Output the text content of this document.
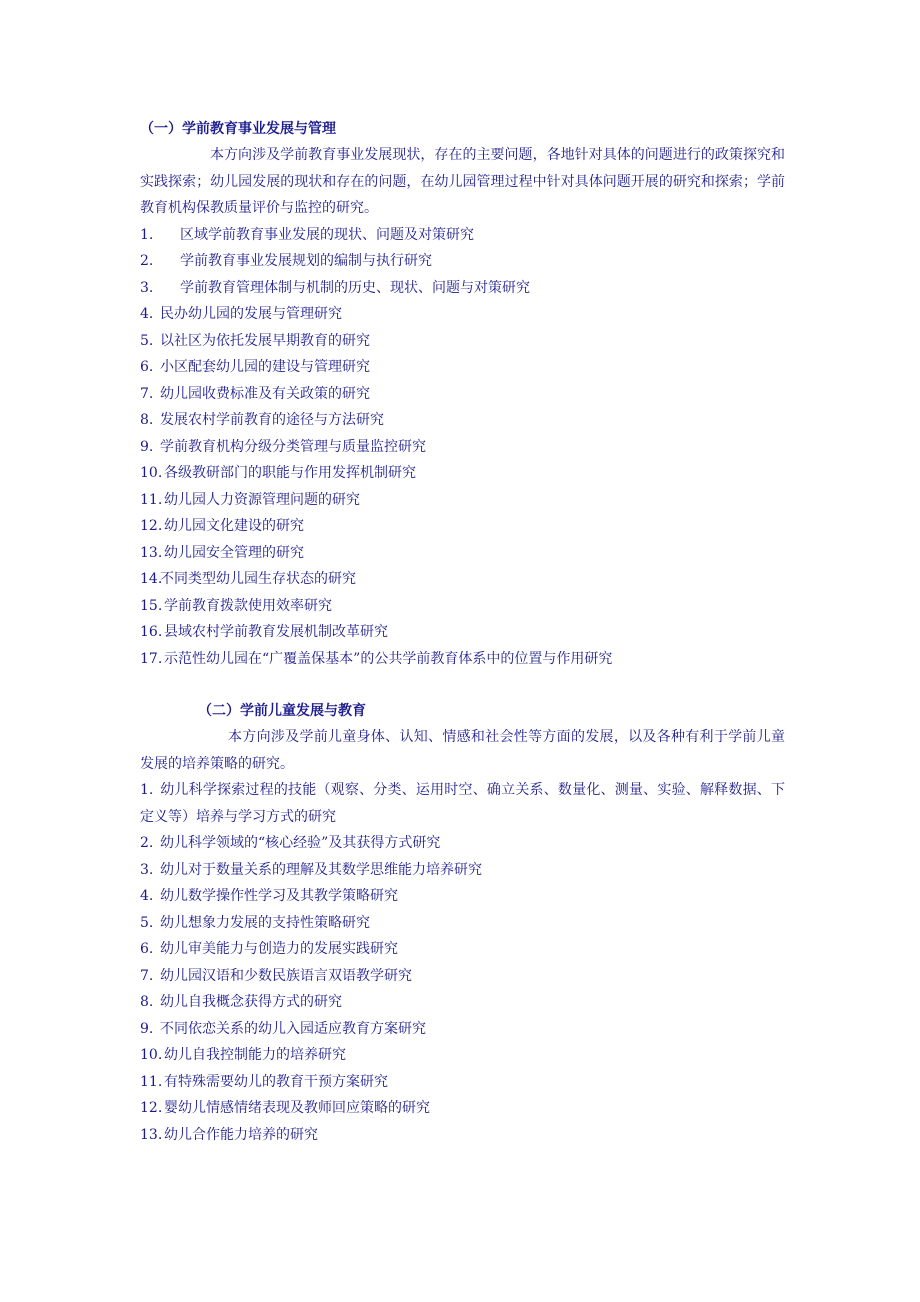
（一）学前教育事业发展与管理

本方向涉及学前教育事业发展现状，存在的主要问题，各地针对具体的问题进行的政策探究和实践探索；幼儿园发展的现状和存在的问题，在幼儿园管理过程中针对具体问题开展的研究和探索；学前教育机构保教质量评价与监控的研究。

1. 区域学前教育事业发展的现状、问题及对策研究
2. 学前教育事业发展规划的编制与执行研究
3. 学前教育管理体制与机制的历史、现状、问题与对策研究
4. 民办幼儿园的发展与管理研究
5. 以社区为依托发展早期教育的研究
6. 小区配套幼儿园的建设与管理研究
7. 幼儿园收费标准及有关政策的研究
8. 发展农村学前教育的途径与方法研究
9. 学前教育机构分级分类管理与质量监控研究
10. 各级教研部门的职能与作用发挥机制研究
11. 幼儿园人力资源管理问题的研究
12. 幼儿园文化建设的研究
13. 幼儿园安全管理的研究
14.不同类型幼儿园生存状态的研究
15. 学前教育拨款使用效率研究
16. 县域农村学前教育发展机制改革研究
17. 示范性幼儿园在“广覆盖保基本”的公共学前教育体系中的位置与作用研究
（二）学前儿童发展与教育

本方向涉及学前儿童身体、认知、情感和社会性等方面的发展，以及各种有利于学前儿童发展的培养策略的研究。

1. 幼儿科学探索过程的技能（观察、分类、运用时空、确立关系、数量化、测量、实验、解释数据、下定义等）培养与学习方式的研究
2. 幼儿科学领域的“核心经验”及其获得方式研究
3. 幼儿对于数量关系的理解及其数学思维能力培养研究
4. 幼儿数学操作性学习及其教学策略研究
5. 幼儿想象力发展的支持性策略研究
6. 幼儿审美能力与创造力的发展实践研究
7. 幼儿园汉语和少数民族语言双语教学研究
8. 幼儿自我概念获得方式的研究
9. 不同依恋关系的幼儿入园适应教育方案研究
10. 幼儿自我控制能力的培养研究
11. 有特殊需要幼儿的教育干预方案研究
12. 婴幼儿情感情绪表现及教师回应策略的研究
13. 幼儿合作能力培养的研究
